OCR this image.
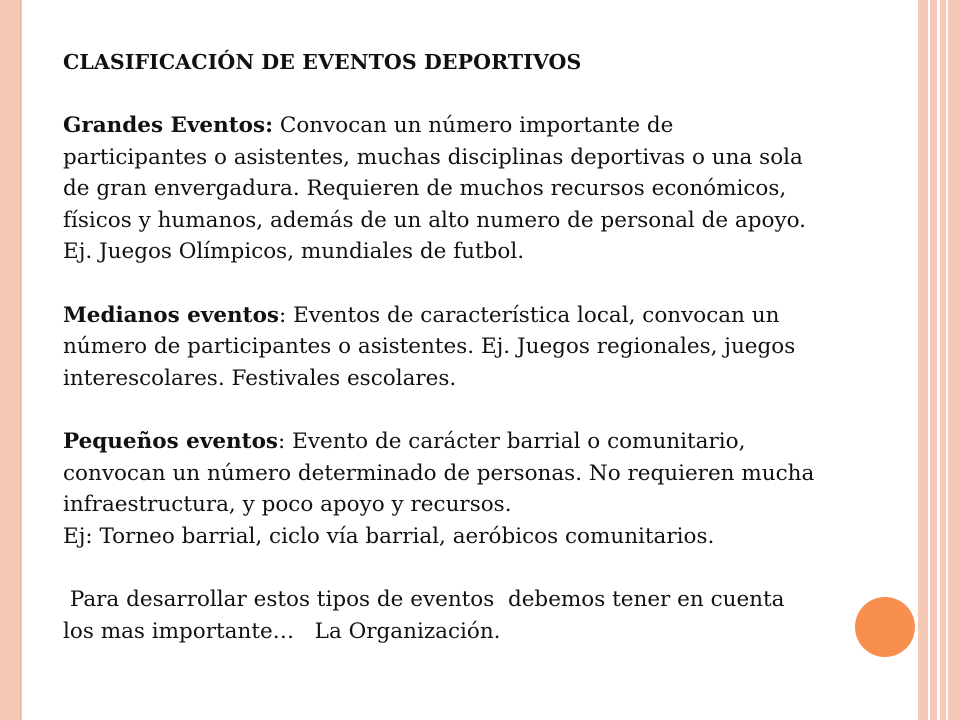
CLASIFICACIÓN DE EVENTOS DEPORTIVOS
Grandes Eventos: Convocan un número importante de
participantes o asistentes, muchas disciplinas deportivas o una sola
de gran envergadura. Requieren de muchos recursos económicos,
físicos y humanos, además de un alto numero de personal de apoyo.
Ej. Juegos Olímpicos, mundiales de futbol.
Medianos eventos: Eventos de característica local, convocan un
número de participantes o asistentes. Ej. Juegos regionales, juegos
interescolares. Festivales escolares.
Pequeños eventos: Evento de carácter barrial o comunitario,
convocan un número determinado de personas. No requieren mucha
infraestructura, y poco apoyo y recursos.
Ej: Torneo barrial, ciclo vía barrial, aeróbicos comunitarios.
Para desarrollar estos tipos de eventos  debemos tener en cuenta
los mas importante…   La Organización.
